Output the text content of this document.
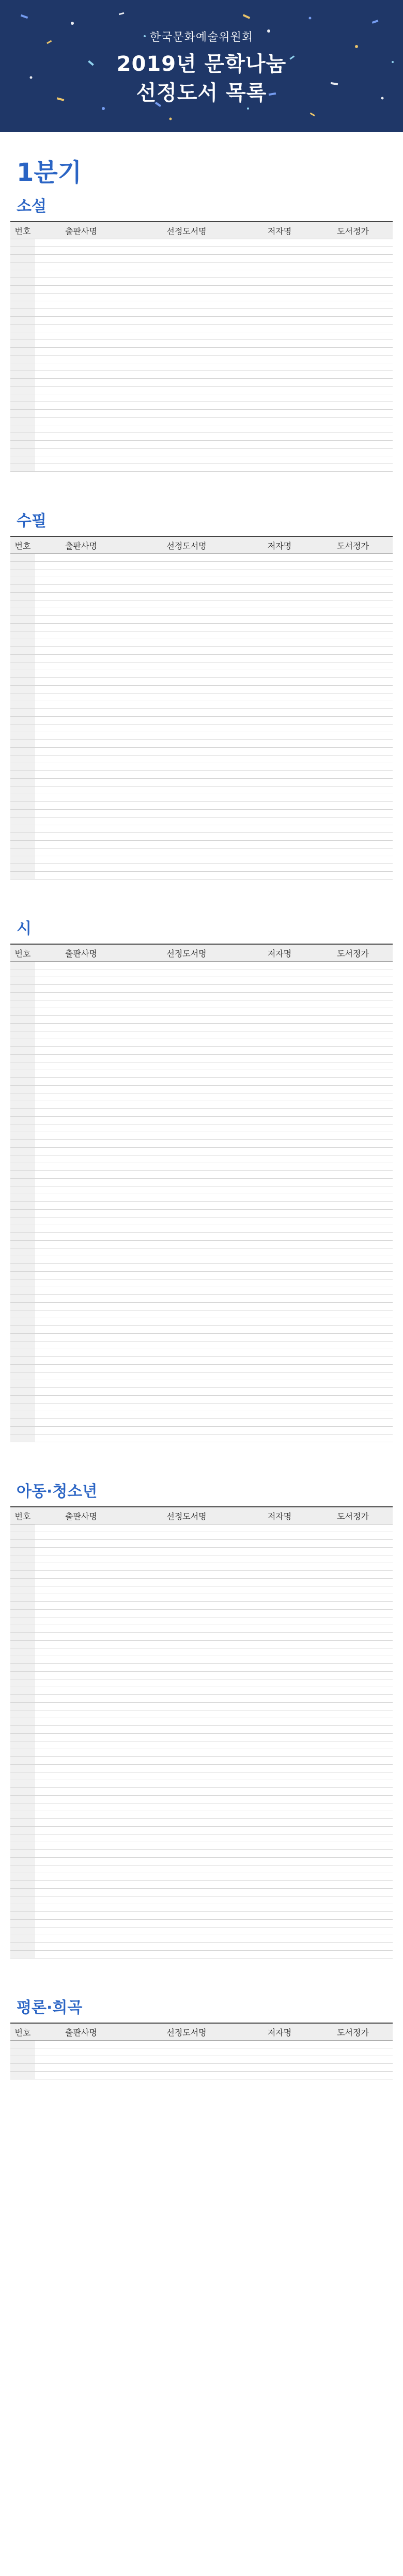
한국문화예술위원회
2019년 문학나눔
선정도서 목록
1분기
소설
번호	출판사명	선정도서명	저자명	도서정가

수필
번호	출판사명	선정도서명	저자명	도서정가

시
번호	출판사명	선정도서명	저자명	도서정가

아동·청소년
번호	출판사명	선정도서명	저자명	도서정가

평론·희곡
번호	출판사명	선정도서명	저자명	도서정가
